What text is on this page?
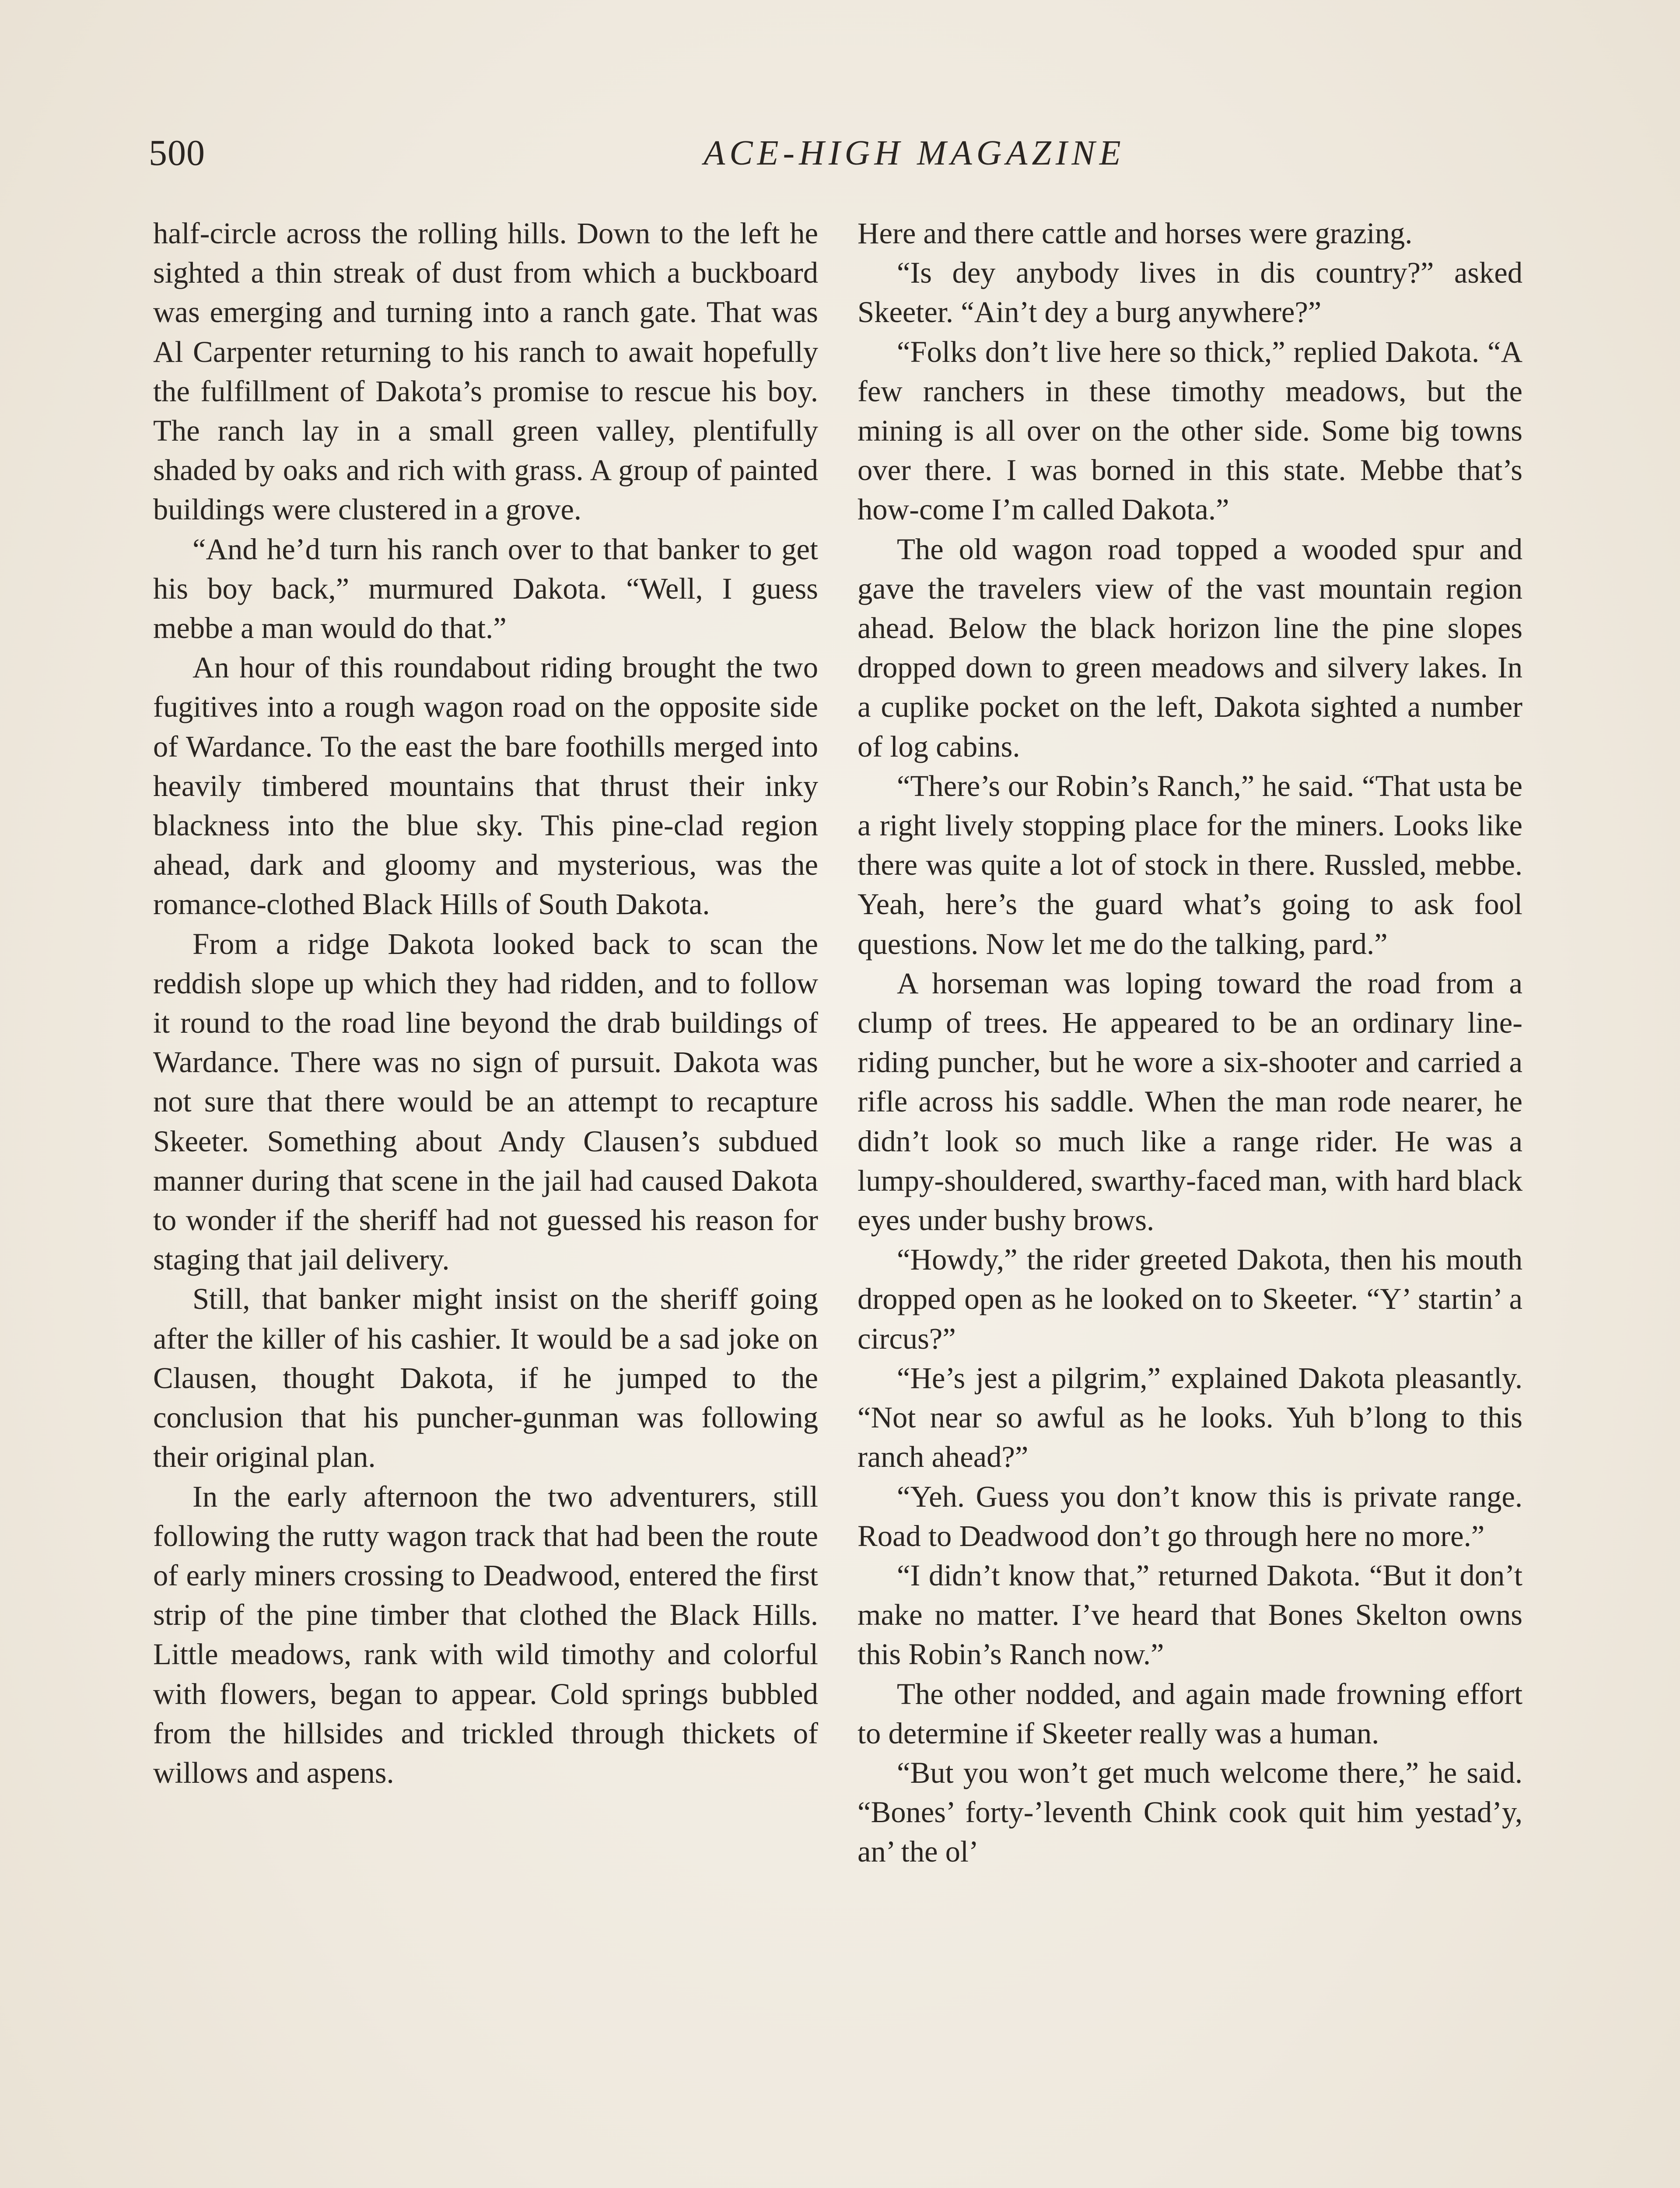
500	ACE-HIGH MAGAZINE

half-circle across the rolling hills. Down to the left he sighted a thin streak of dust from which a buckboard was emerging and turning into a ranch gate. That was Al Carpenter returning to his ranch to await hopefully the fulfillment of Dakota’s promise to rescue his boy. The ranch lay in a small green valley, plentifully shaded by oaks and rich with grass. A group of painted buildings were clustered in a grove.

“And he’d turn his ranch over to that banker to get his boy back,” murmured Dakota. “Well, I guess mebbe a man would do that.”

An hour of this roundabout riding brought the two fugitives into a rough wagon road on the opposite side of Wardance. To the east the bare foothills merged into heavily timbered mountains that thrust their inky blackness into the blue sky. This pine-clad region ahead, dark and gloomy and mysterious, was the romance-clothed Black Hills of South Dakota.

From a ridge Dakota looked back to scan the reddish slope up which they had ridden, and to follow it round to the road line beyond the drab buildings of Wardance. There was no sign of pursuit. Dakota was not sure that there would be an attempt to recapture Skeeter. Something about Andy Clausen’s subdued manner during that scene in the jail had caused Dakota to wonder if the sheriff had not guessed his reason for staging that jail delivery.

Still, that banker might insist on the sheriff going after the killer of his cashier. It would be a sad joke on Clausen, thought Dakota, if he jumped to the conclusion that his puncher-gunman was following their original plan.

In the early afternoon the two adventurers, still following the rutty wagon track that had been the route of early miners crossing to Deadwood, entered the first strip of the pine timber that clothed the Black Hills. Little meadows, rank with wild timothy and colorful with flowers, began to appear. Cold springs bubbled from the hillsides and trickled through thickets of willows and aspens.

Here and there cattle and horses were grazing.

“Is dey anybody lives in dis country?” asked Skeeter. “Ain’t dey a burg anywhere?”

“Folks don’t live here so thick,” replied Dakota. “A few ranchers in these timothy meadows, but the mining is all over on the other side. Some big towns over there. I was borned in this state. Mebbe that’s how-come I’m called Dakota.”

The old wagon road topped a wooded spur and gave the travelers view of the vast mountain region ahead. Below the black horizon line the pine slopes dropped down to green meadows and silvery lakes. In a cuplike pocket on the left, Dakota sighted a number of log cabins.

“There’s our Robin’s Ranch,” he said. “That usta be a right lively stopping place for the miners. Looks like there was quite a lot of stock in there. Russled, mebbe. Yeah, here’s the guard what’s going to ask fool questions. Now let me do the talking, pard.”

A horseman was loping toward the road from a clump of trees. He appeared to be an ordinary line-riding puncher, but he wore a six-shooter and carried a rifle across his saddle. When the man rode nearer, he didn’t look so much like a range rider. He was a lumpy-shouldered, swarthy-faced man, with hard black eyes under bushy brows.

“Howdy,” the rider greeted Dakota, then his mouth dropped open as he looked on to Skeeter. “Y’ startin’ a circus?”

“He’s jest a pilgrim,” explained Dakota pleasantly. “Not near so awful as he looks. Yuh b’long to this ranch ahead?”

“Yeh. Guess you don’t know this is private range. Road to Deadwood don’t go through here no more.”

“I didn’t know that,” returned Dakota. “But it don’t make no matter. I’ve heard that Bones Skelton owns this Robin’s Ranch now.”

The other nodded, and again made frowning effort to determine if Skeeter really was a human.

“But you won’t get much welcome there,” he said. “Bones’ forty-’leventh Chink cook quit him yestad’y, an’ the ol’
